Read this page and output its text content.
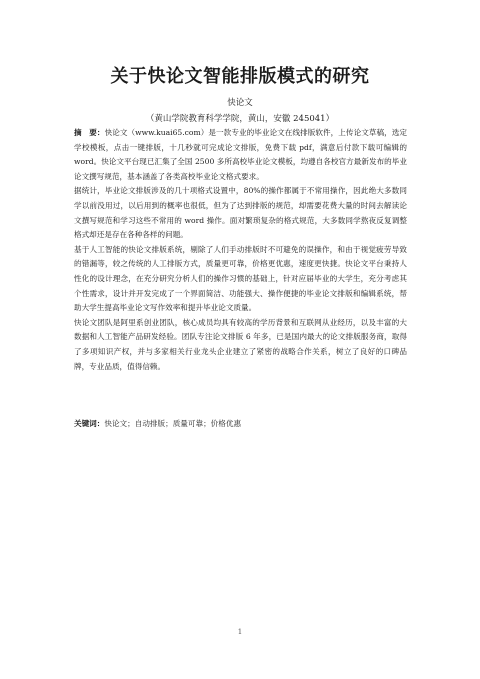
关于快论文智能排版模式的研究
快论文
（黄山学院教育科学学院，黄山，安徽 245041）

摘　要：快论文（www.kuai65.com）是一款专业的毕业论文在线排版软件，上传论文草稿，选定学校模板，点击一键排版，十几秒就可完成论文排版，免费下载 pdf，满意后付款下载可编辑的 word。快论文平台现已汇集了全国 2500 多所高校毕业论文模板，均遵自各校官方最新发布的毕业论文撰写规范，基本涵盖了各类高校毕业论文格式要求。

据统计，毕业论文排版涉及的几十项格式设置中，80%的操作都属于不常用操作，因此绝大多数同学以前没用过，以后用到的概率也很低，但为了达到排版的规范，却需要花费大量的时间去解读论文撰写规范和学习这些不常用的 word 操作。面对繁琐复杂的格式规范，大多数同学熬夜反复调整格式却还是存在各种各样的问题。

基于人工智能的快论文排版系统，剔除了人们手动排版时不可避免的误操作，和由于视觉疲劳导致的错漏等，较之传统的人工排版方式，质量更可靠，价格更优惠，速度更快捷。快论文平台秉持人性化的设计理念，在充分研究分析人们的操作习惯的基础上，针对应届毕业的大学生，充分考虑其个性需求，设计并开发完成了一个界面简洁、功能强大、操作便捷的毕业论文排版和编辑系统，帮助大学生提高毕业论文写作效率和提升毕业论文质量。

快论文团队是阿里系创业团队，核心成员均具有较高的学历背景和互联网从业经历，以及丰富的大数据和人工智能产品研发经验。团队专注论文排版 6 年多，已是国内最大的论文排版服务商，取得了多项知识产权，并与多家相关行业龙头企业建立了紧密的战略合作关系，树立了良好的口碑品牌，专业品质，值得信赖。

关键词：快论文；自动排版；质量可靠；价格优惠
1
